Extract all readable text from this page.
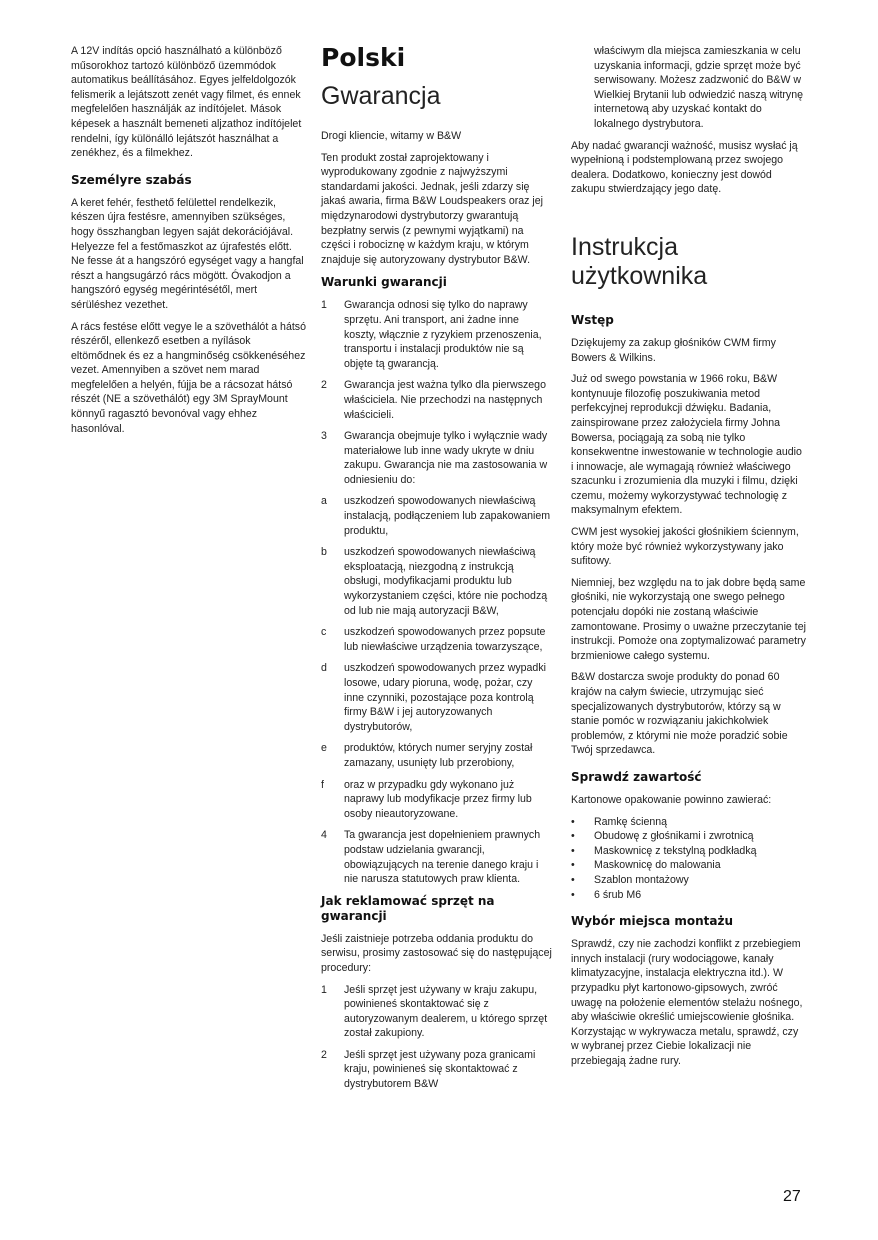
A 12V indítás opció használható a különböző műsorokhoz tartozó különböző üzemmódok automatikus beállításához. Egyes jelfeldolgozók felismerik a lejátszott zenét vagy filmet, és ennek megfelelően használják az indítójelet. Mások képesek a használt bemeneti aljzathoz indítójelet rendelni, így különálló lejátszót használhat a zenékhez, és a filmekhez.

Személyre szabás

A keret fehér, festhető felülettel rendelkezik, készen újra festésre, amennyiben szükséges, hogy összhangban legyen saját dekorációjával. Helyezze fel a festőmaszkot az újrafestés előtt. Ne fesse át a hangszóró egységet vagy a hangfal részt a hangsugárzó rács mögött. Óvakodjon a hangszóró egység megérintésétől, mert sérüléshez vezethet.

A rács festése előtt vegye le a szövethálót a hátsó részéről, ellenkező esetben a nyílások eltömődnek és ez a hangminőség csökkenéséhez vezet. Amennyiben a szövet nem marad megfelelően a helyén, fújja be a rácsozat hátsó részét (NE a szövethálót) egy 3M SprayMount könnyű ragasztó bevonóval vagy ehhez hasonlóval.

Polski
Gwarancja

Drogi kliencie, witamy w B&W

Ten produkt został zaprojektowany i wyprodukowany zgodnie z najwyższymi standardami jakości. Jednak, jeśli zdarzy się jakaś awaria, firma B&W Loudspeakers oraz jej międzynarodowi dystrybutorzy gwarantują bezpłatny serwis (z pewnymi wyjątkami) na części i robociznę w każdym kraju, w którym znajduje się autoryzowany dystrybutor B&W.

Warunki gwarancji
1	Gwarancja odnosi się tylko do naprawy sprzętu. Ani transport, ani żadne inne koszty, włącznie z ryzykiem przenoszenia, transportu i instalacji produktów nie są objęte tą gwarancją.
2	Gwarancja jest ważna tylko dla pierwszego właściciela. Nie przechodzi na następnych właścicieli.
3	Gwarancja obejmuje tylko i wyłącznie wady materiałowe lub inne wady ukryte w dniu zakupu. Gwarancja nie ma zastosowania w odniesieniu do:
a	uszkodzeń spowodowanych niewłaściwą instalacją, podłączeniem lub zapakowaniem produktu,
b	uszkodzeń spowodowanych niewłaściwą eksploatacją, niezgodną z instrukcją obsługi, modyfikacjami produktu lub wykorzystaniem części, które nie pochodzą od lub nie mają autoryzacji B&W,
c	uszkodzeń spowodowanych przez popsute lub niewłaściwe urządzenia towarzyszące,
d	uszkodzeń spowodowanych przez wypadki losowe, udary pioruna, wodę, pożar, czy inne czynniki, pozostające poza kontrolą firmy B&W i jej autoryzowanych dystrybutorów,
e	produktów, których numer seryjny został zamazany, usunięty lub przerobiony,
f	oraz w przypadku gdy wykonano już naprawy lub modyfikacje przez firmy lub osoby nieautoryzowane.
4	Ta gwarancja jest dopełnieniem prawnych podstaw udzielania gwarancji, obowiązujących na terenie danego kraju i nie narusza statutowych praw klienta.
Jak reklamować sprzęt na gwarancji

Jeśli zaistnieje potrzeba oddania produktu do serwisu, prosimy zastosować się do następującej procedury:

1	Jeśli sprzęt jest używany w kraju zakupu, powinieneś skontaktować się z autoryzowanym dealerem, u którego sprzęt został zakupiony.
2	Jeśli sprzęt jest używany poza granicami kraju, powinieneś się skontaktować z dystrybutorem B&W

właściwym dla miejsca zamieszkania w celu uzyskania informacji, gdzie sprzęt może być serwisowany. Możesz zadzwonić do B&W w Wielkiej Brytanii lub odwiedzić naszą witrynę internetową aby uzyskać kontakt do lokalnego dystrybutora.

Aby nadać gwarancji ważność, musisz wysłać ją wypełnioną i podstemplowaną przez swojego dealera. Dodatkowo, konieczny jest dowód zakupu stwierdzający jego datę.

Instrukcja użytkownika
Wstęp

Dziękujemy za zakup głośników CWM firmy Bowers & Wilkins.

Już od swego powstania w 1966 roku, B&W kontynuuje filozofię poszukiwania metod perfekcyjnej reprodukcji dźwięku. Badania, zainspirowane przez założyciela firmy Johna Bowersa, pociągają za sobą nie tylko konsekwentne inwestowanie w technologie audio i innowacje, ale wymagają również właściwego szacunku i zrozumienia dla muzyki i filmu, dzięki czemu, możemy wykorzystywać technologię z maksymalnym efektem.

CWM jest wysokiej jakości głośnikiem ściennym, który może być również wykorzystywany jako sufitowy.

Niemniej, bez względu na to jak dobre będą same głośniki, nie wykorzystają one swego pełnego potencjału dopóki nie zostaną właściwie zamontowane. Prosimy o uważne przeczytanie tej instrukcji. Pomoże ona zoptymalizować parametry brzmieniowe całego systemu.

B&W dostarcza swoje produkty do ponad 60 krajów na całym świecie, utrzymując sieć specjalizowanych dystrybutorów, którzy są w stanie pomóc w rozwiązaniu jakichkolwiek problemów, z którymi nie może poradzić sobie Twój sprzedawca.

Sprawdź zawartość

Kartonowe opakowanie powinno zawierać:

•	Ramkę ścienną
•	Obudowę z głośnikami i zwrotnicą
•	Maskownicę z tekstylną podkładką
•	Maskownicę do malowania
•	Szablon montażowy
•	6 śrub M6
Wybór miejsca montażu

Sprawdź, czy nie zachodzi konflikt z przebiegiem innych instalacji (rury wodociągowe, kanały klimatyzacyjne, instalacja elektryczna itd.). W przypadku płyt kartonowo-gipsowych, zwróć uwagę na położenie elementów stelażu nośnego, aby właściwie określić umiejscowienie głośnika. Korzystając w wykrywacza metalu, sprawdź, czy w wybranej przez Ciebie lokalizacji nie przebiegają żadne rury.

27
